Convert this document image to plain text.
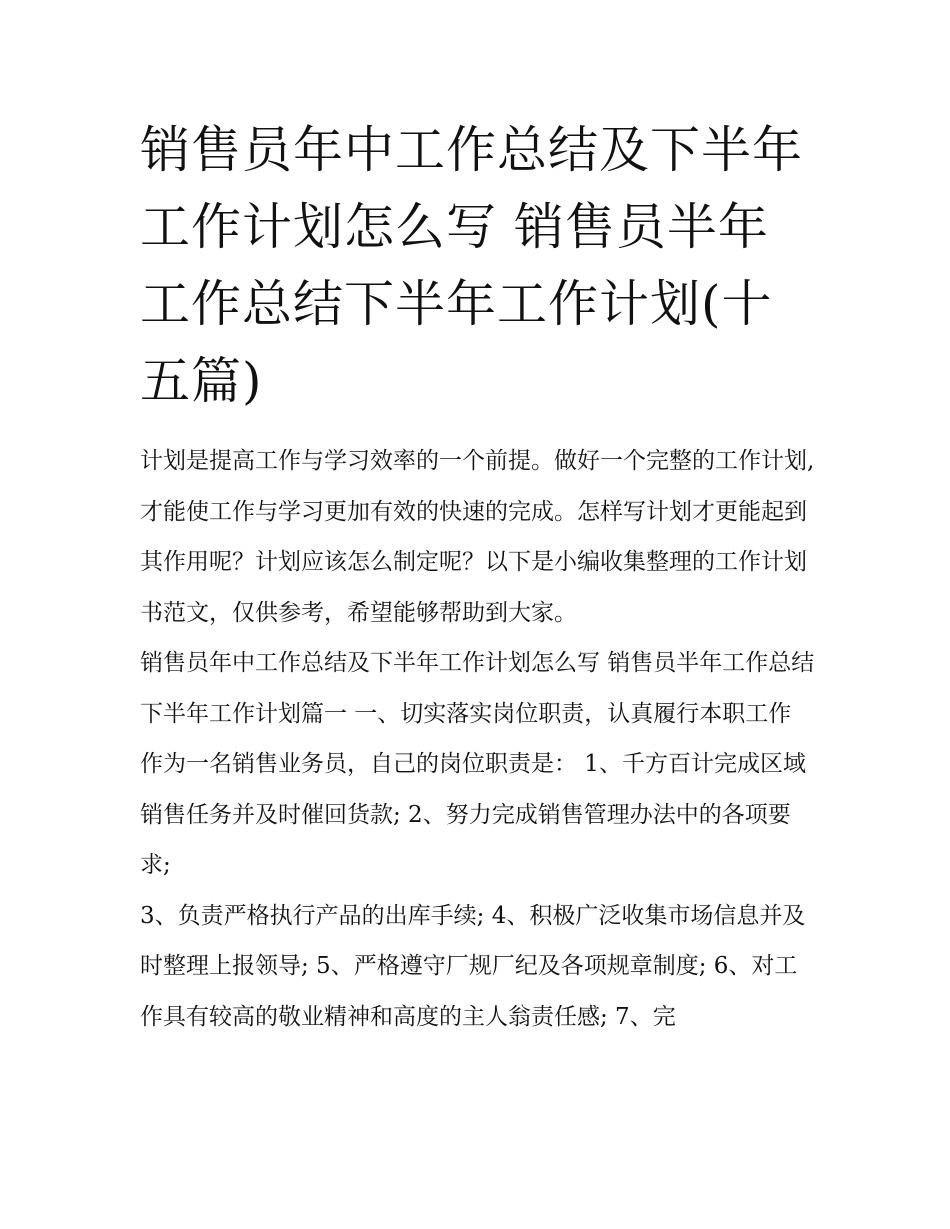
销售员年中工作总结及下半年工作计划怎么写 销售员半年工作总结下半年工作计划(十五篇)

计划是提高工作与学习效率的一个前提。做好一个完整的工作计划,才能使工作与学习更加有效的快速的完成。怎样写计划才更能起到其作用呢？计划应该怎么制定呢？以下是小编收集整理的工作计划书范文，仅供参考，希望能够帮助到大家。

销售员年中工作总结及下半年工作计划怎么写 销售员半年工作总结下半年工作计划篇一 一、切实落实岗位职责，认真履行本职工作

作为一名销售业务员，自己的岗位职责是： 1、千方百计完成区域销售任务并及时催回货款; 2、努力完成销售管理办法中的各项要求;

3、负责严格执行产品的出库手续; 4、积极广泛收集市场信息并及时整理上报领导; 5、严格遵守厂规厂纪及各项规章制度; 6、对工作具有较高的敬业精神和高度的主人翁责任感; 7、完
